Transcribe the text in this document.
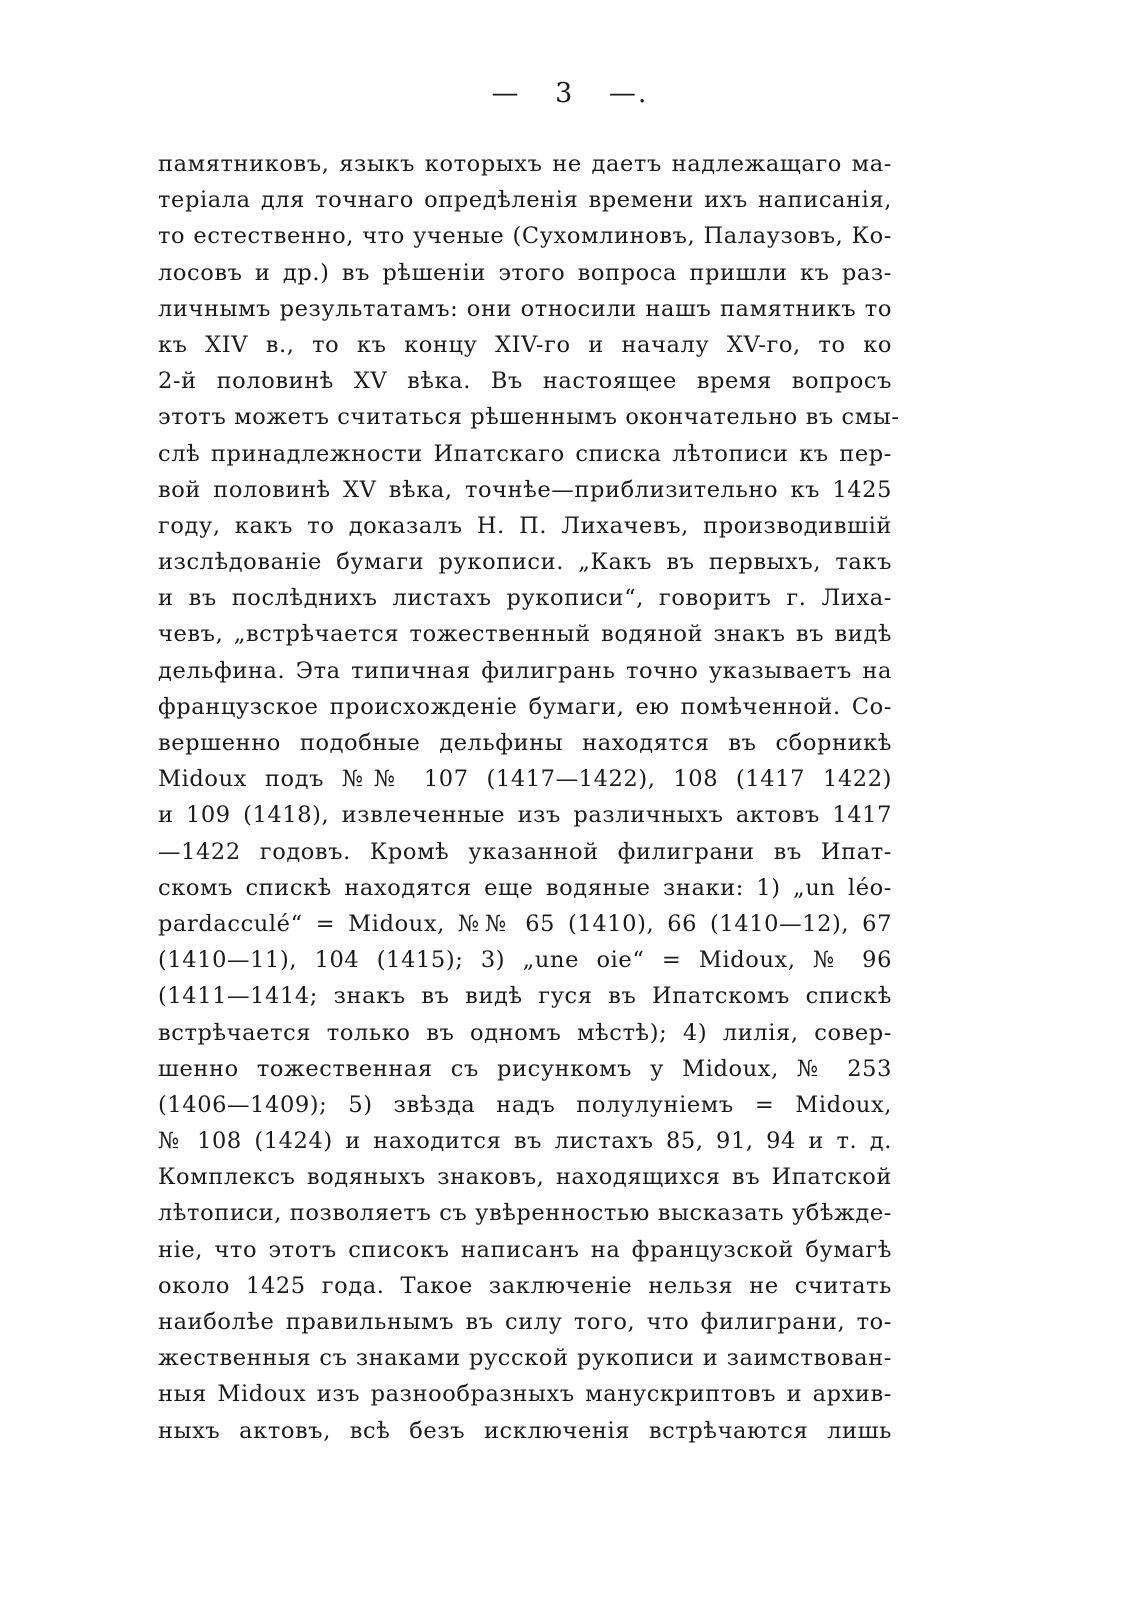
— 3 —.
памятниковъ, языкъ которыхъ не даетъ надлежащаго ма-
теріала для точнаго опредѣленія времени ихъ написанія,
то естественно, что ученые (Сухомлиновъ, Палаузовъ, Ко-
лосовъ и др.) въ рѣшеніи этого вопроса пришли къ раз-
личнымъ результатамъ: они относили нашъ памятникъ то
къ XIV в., то къ концу XIV-го и началу XV-го, то ко
2-й половинѣ XV вѣка. Въ настоящее время вопросъ
этотъ можетъ считаться рѣшеннымъ окончательно въ смы-
слѣ принадлежности Ипатскаго списка лѣтописи къ пер-
вой половинѣ XV вѣка, точнѣе—приблизительно къ 1425
году, какъ то доказалъ Н. П. Лихачевъ, производившій
изслѣдованіе бумаги рукописи. „Какъ въ первыхъ, такъ
и въ послѣднихъ листахъ рукописи“, говоритъ г. Лиха-
чевъ, „встрѣчается тожественный водяной знакъ въ видѣ
дельфина. Эта типичная филигрань точно указываетъ на
французское происхожденіе бумаги, ею помѣченной. Со-
вершенно подобные дельфины находятся въ сборникѣ
Midoux подъ №№ 107 (1417—1422), 108 (1417 1422)
и 109 (1418), извлеченные изъ различныхъ актовъ 1417
—1422 годовъ. Кромѣ указанной филиграни въ Ипат-
скомъ спискѣ находятся еще водяные знаки: 1) „un léo-
pardacculé“ = Midoux, №№ 65 (1410), 66 (1410—12), 67
(1410—11), 104 (1415); 3) „une oie“ = Midoux, № 96
(1411—1414; знакъ въ видѣ гуся въ Ипатскомъ спискѣ
встрѣчается только въ одномъ мѣстѣ); 4) лилія, совер-
шенно тожественная съ рисункомъ у Midoux, № 253
(1406—1409); 5) звѣзда надъ полулуніемъ = Midoux,
№ 108 (1424) и находится въ листахъ 85, 91, 94 и т. д.
Комплексъ водяныхъ знаковъ, находящихся въ Ипатской
лѣтописи, позволяетъ съ увѣренностью высказать убѣжде-
ніе, что этотъ списокъ написанъ на французской бумагѣ
около 1425 года. Такое заключеніе нельзя не считать
наиболѣе правильнымъ въ силу того, что филиграни, то-
жественныя съ знаками русской рукописи и заимствован-
ныя Midoux изъ разнообразныхъ манускриптовъ и архив-
ныхъ актовъ, всѣ безъ исключенія встрѣчаются лишь
